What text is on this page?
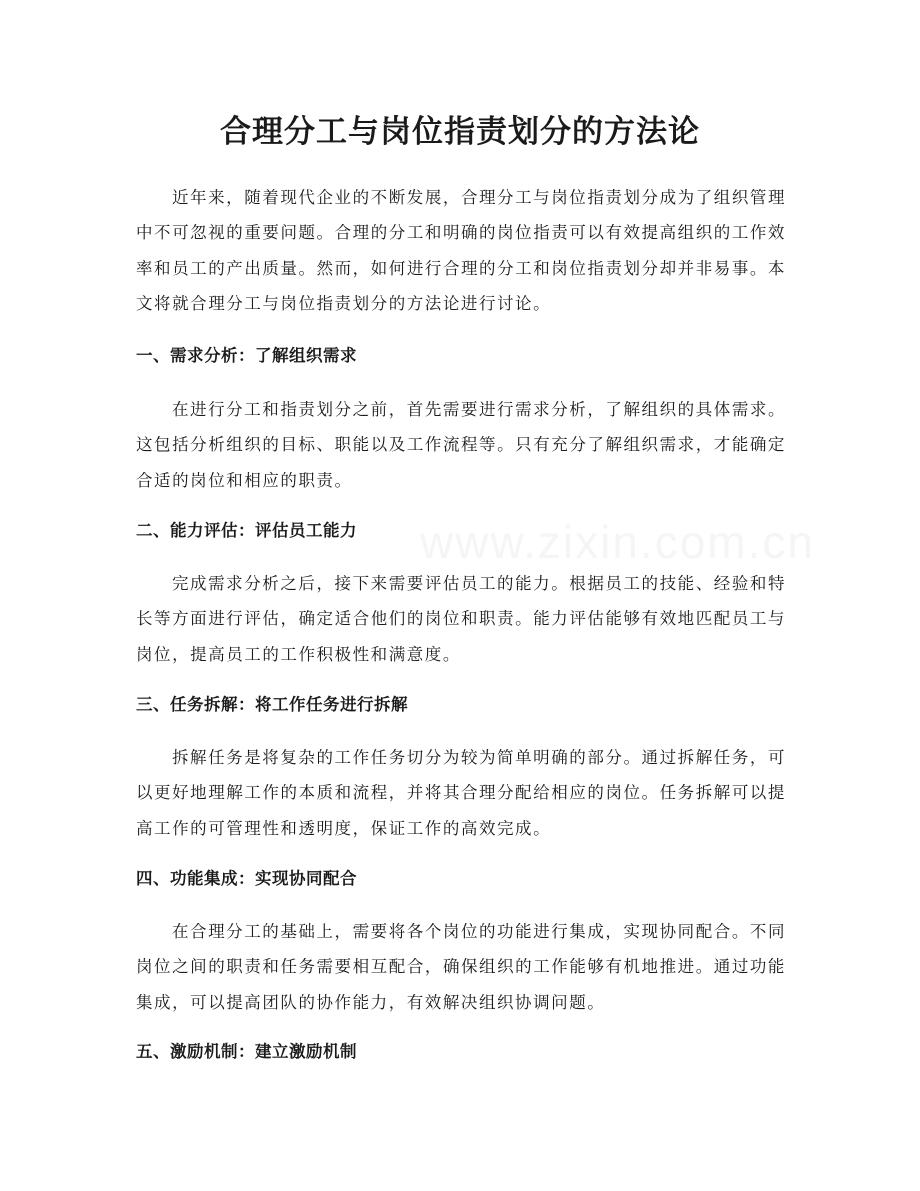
合理分工与岗位指责划分的方法论

近年来，随着现代企业的不断发展，合理分工与岗位指责划分成为了组织管理中不可忽视的重要问题。合理的分工和明确的岗位指责可以有效提高组织的工作效率和员工的产出质量。然而，如何进行合理的分工和岗位指责划分却并非易事。本文将就合理分工与岗位指责划分的方法论进行讨论。

一、需求分析：了解组织需求

在进行分工和指责划分之前，首先需要进行需求分析，了解组织的具体需求。这包括分析组织的目标、职能以及工作流程等。只有充分了解组织需求，才能确定合适的岗位和相应的职责。

二、能力评估：评估员工能力

完成需求分析之后，接下来需要评估员工的能力。根据员工的技能、经验和特长等方面进行评估，确定适合他们的岗位和职责。能力评估能够有效地匹配员工与岗位，提高员工的工作积极性和满意度。

三、任务拆解：将工作任务进行拆解

拆解任务是将复杂的工作任务切分为较为简单明确的部分。通过拆解任务，可以更好地理解工作的本质和流程，并将其合理分配给相应的岗位。任务拆解可以提高工作的可管理性和透明度，保证工作的高效完成。

四、功能集成：实现协同配合

在合理分工的基础上，需要将各个岗位的功能进行集成，实现协同配合。不同岗位之间的职责和任务需要相互配合，确保组织的工作能够有机地推进。通过功能集成，可以提高团队的协作能力，有效解决组织协调问题。

五、激励机制：建立激励机制
www.zixin.com.cn
